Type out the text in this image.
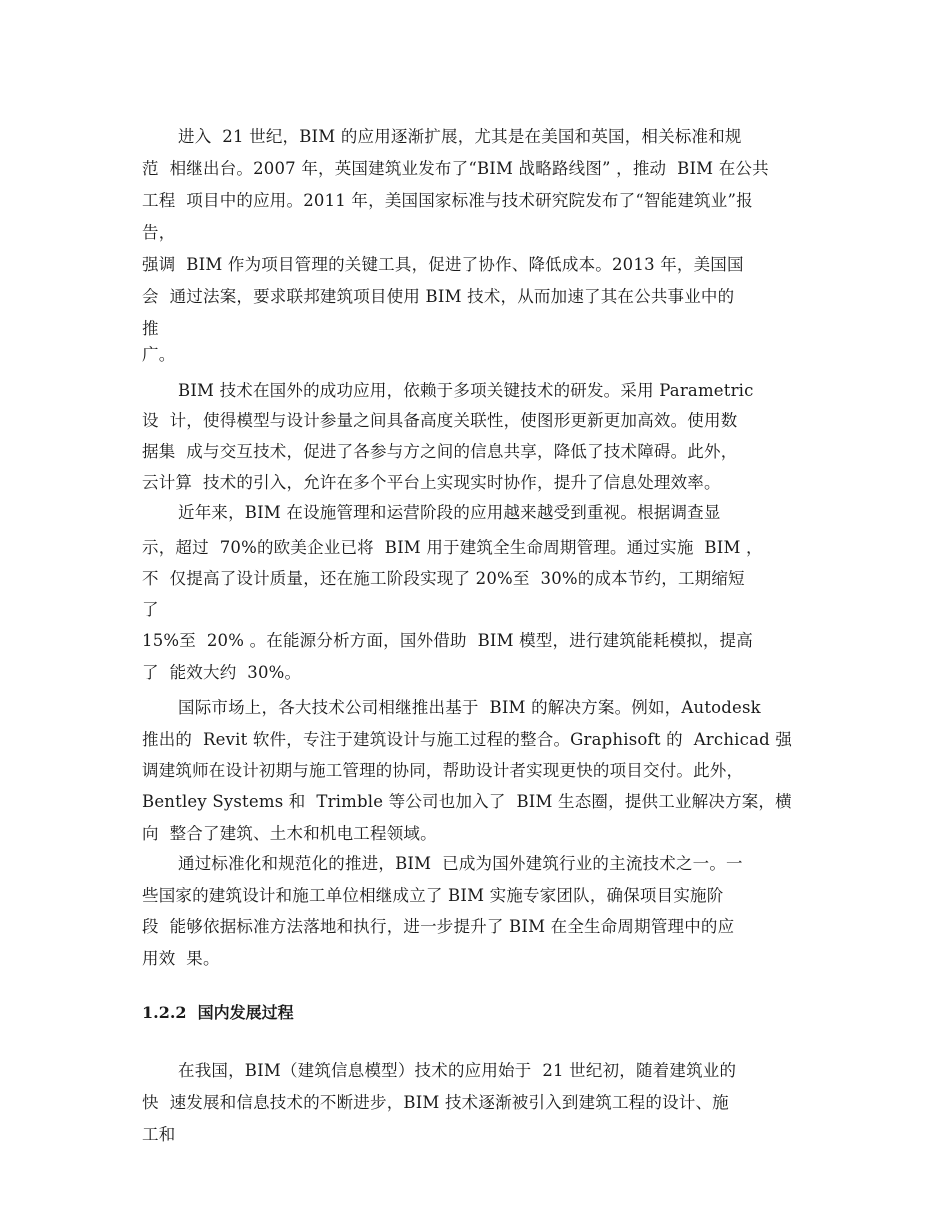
进入  21 世纪，BIM 的应用逐渐扩展，尤其是在美国和英国，相关标准和规
范  相继出台。2007 年，英国建筑业发布了“BIM 战略路线图” ，推动  BIM 在公共
工程  项目中的应用。2011 年，美国国家标准与技术研究院发布了“智能建筑业”报
告，
强调  BIM 作为项目管理的关键工具，促进了协作、降低成本。2013 年，美国国
会  通过法案，要求联邦建筑项目使用 BIM 技术，从而加速了其在公共事业中的
推
广。
BIM 技术在国外的成功应用，依赖于多项关键技术的研发。采用 Parametric
设  计，使得模型与设计参量之间具备高度关联性，使图形更新更加高效。使用数
据集  成与交互技术，促进了各参与方之间的信息共享，降低了技术障碍。此外，
云计算  技术的引入，允许在多个平台上实现实时协作，提升了信息处理效率。
近年来，BIM 在设施管理和运营阶段的应用越来越受到重视。根据调查显
示，超过  70%的欧美企业已将  BIM 用于建筑全生命周期管理。通过实施  BIM ，
不  仅提高了设计质量，还在施工阶段实现了 20%至  30%的成本节约，工期缩短
了
15%至  20% 。在能源分析方面，国外借助  BIM 模型，进行建筑能耗模拟，提高
了  能效大约  30%。
国际市场上，各大技术公司相继推出基于  BIM 的解决方案。例如，Autodesk
推出的  Revit 软件，专注于建筑设计与施工过程的整合。Graphisoft 的  Archicad 强
调建筑师在设计初期与施工管理的协同，帮助设计者实现更快的项目交付。此外，
Bentley Systems 和  Trimble 等公司也加入了  BIM 生态圈，提供工业解决方案，横
向  整合了建筑、土木和机电工程领域。
通过标准化和规范化的推进，BIM  已成为国外建筑行业的主流技术之一。一
些国家的建筑设计和施工单位相继成立了 BIM 实施专家团队，确保项目实施阶
段  能够依据标准方法落地和执行，进一步提升了 BIM 在全生命周期管理中的应
用效  果。
1.2.2  国内发展过程
在我国，BIM（建筑信息模型）技术的应用始于  21 世纪初，随着建筑业的
快  速发展和信息技术的不断进步，BIM 技术逐渐被引入到建筑工程的设计、施
工和
